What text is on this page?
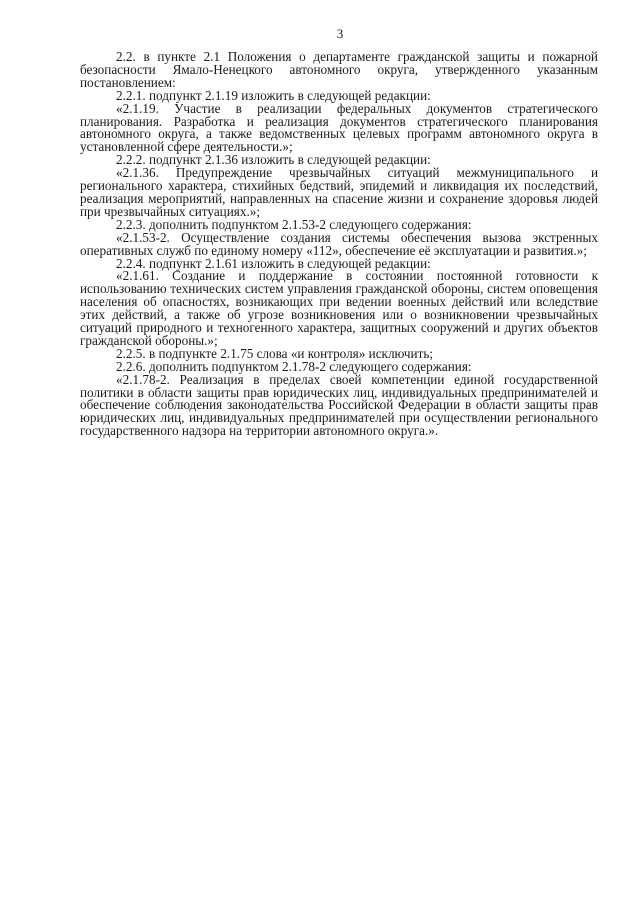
3

2.2. в пункте 2.1 Положения о департаменте гражданской защиты и пожарной безопасности Ямало-Ненецкого автономного округа, утвержденного указанным постановлением:

2.2.1. подпункт 2.1.19 изложить в следующей редакции:

«2.1.19. Участие в реализации федеральных документов стратегического планирования. Разработка и реализация документов стратегического планирования автономного округа, а также ведомственных целевых программ автономного округа в установленной сфере деятельности.»;

2.2.2. подпункт 2.1.36 изложить в следующей редакции:

«2.1.36. Предупреждение чрезвычайных ситуаций межмуниципального и регионального характера, стихийных бедствий, эпидемий и ликвидация их последствий, реализация мероприятий, направленных на спасение жизни и сохранение здоровья людей при чрезвычайных ситуациях.»;

2.2.3. дополнить подпунктом 2.1.53-2 следующего содержания:

«2.1.53-2. Осуществление создания системы обеспечения вызова экстренных оперативных служб по единому номеру «112», обеспечение её эксплуатации и развития.»;

2.2.4. подпункт 2.1.61 изложить в следующей редакции:

«2.1.61. Создание и поддержание в состоянии постоянной готовности к использованию технических систем управления гражданской обороны, систем оповещения населения об опасностях, возникающих при ведении военных действий или вследствие этих действий, а также об угрозе возникновения или о возникновении чрезвычайных ситуаций природного и техногенного характера, защитных сооружений и других объектов гражданской обороны.»;

2.2.5. в подпункте 2.1.75 слова «и контроля» исключить;

2.2.6. дополнить подпунктом 2.1.78-2 следующего содержания:

«2.1.78-2. Реализация в пределах своей компетенции единой государственной политики в области защиты прав юридических лиц, индивидуальных предпринимателей и обеспечение соблюдения законодательства Российской Федерации в области защиты прав юридических лиц, индивидуальных предпринимателей при осуществлении регионального государственного надзора на территории автономного округа.».
